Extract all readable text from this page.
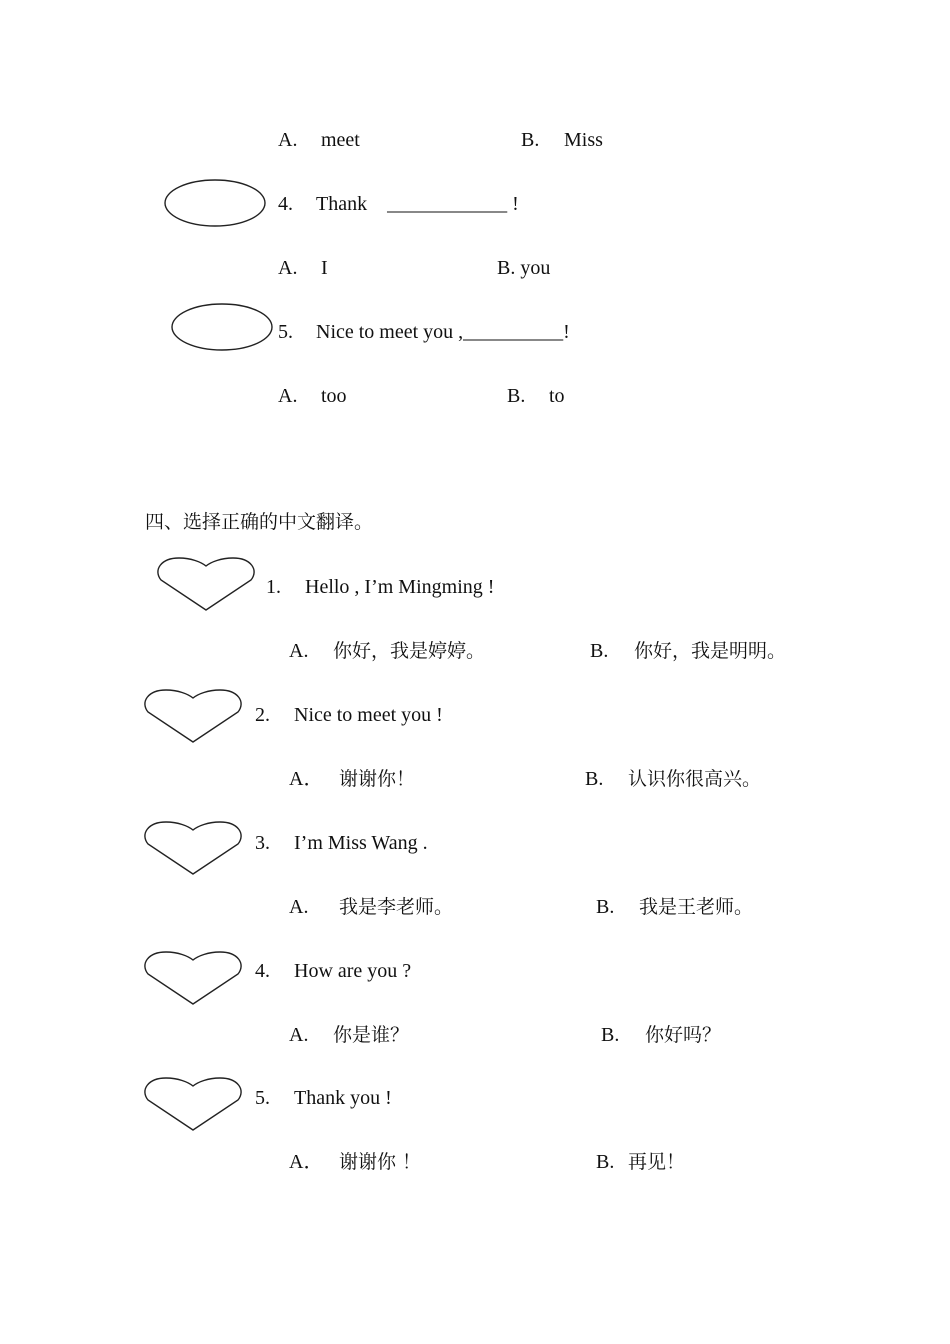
A. meet	B. Miss
4. Thank    ____________ !
A. I	B. you
5. Nice to meet you ,__________!
A. too	B. to
四、选择正确的中文翻译。
1. Hello , I’m Mingming !
A. 你好，我是婷婷。	B. 你好，我是明明。
2. Nice to meet you !
A． 谢谢你！	B. 认识你很高兴。
3. I’m Miss Wang .
A. 我是李老师。	B. 我是王老师。
4. How are you ?
A. 你是谁？	B. 你好吗？
5. Thank you !
A． 谢谢你 ！	B. 再见！
